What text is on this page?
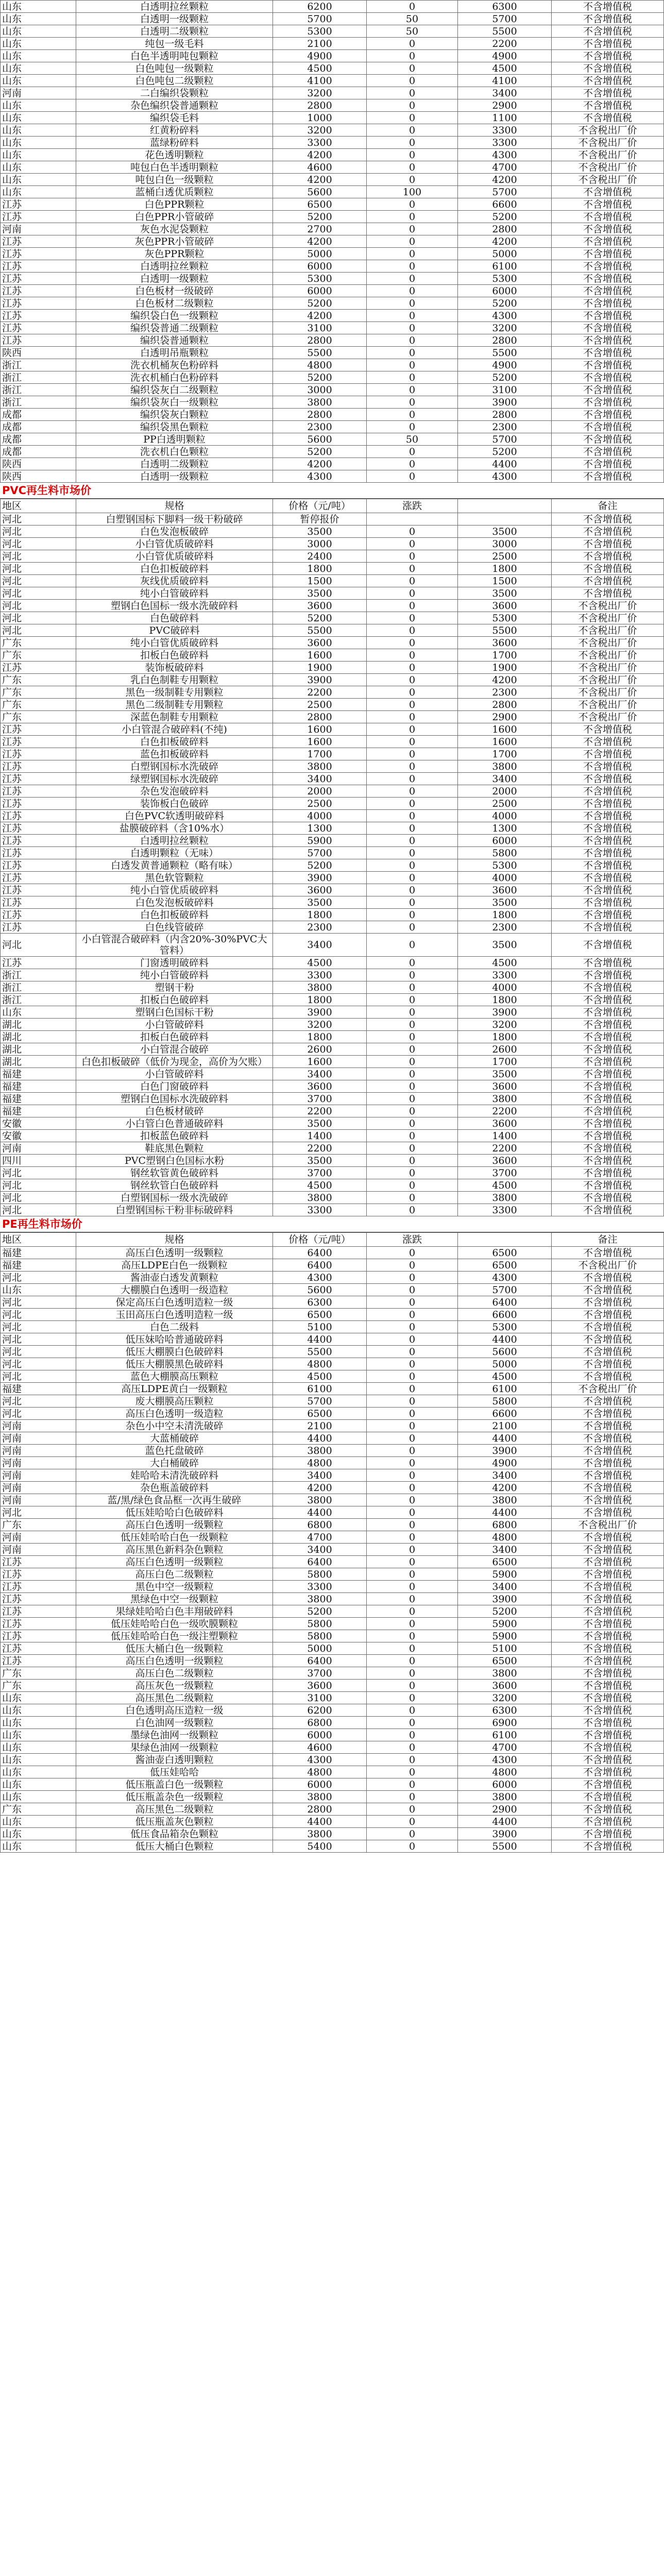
山东	白透明拉丝颗粒	6200	0	6300	不含增值税
山东	白透明一级颗粒	5700	50	5700	不含增值税
山东	白透明二级颗粒	5300	50	5500	不含增值税
山东	纯包一级毛料	2100	0	2200	不含增值税
山东	白色半透明吨包颗粒	4900	0	4900	不含增值税
山东	白色吨包一级颗粒	4500	0	4500	不含增值税
山东	白色吨包二级颗粒	4100	0	4100	不含增值税
河南	二白编织袋颗粒	3200	0	3400	不含增值税
山东	杂色编织袋普通颗粒	2800	0	2900	不含增值税
山东	编织袋毛料	1000	0	1100	不含增值税
山东	红黄粉碎料	3200	0	3300	不含税出厂价
山东	蓝绿粉碎料	3300	0	3300	不含税出厂价
山东	花色透明颗粒	4200	0	4300	不含税出厂价
山东	吨包白色半透明颗粒	4600	0	4700	不含税出厂价
山东	吨包白色一级颗粒	4200	0	4200	不含税出厂价
山东	蓝桶白透优质颗粒	5600	100	5700	不含增值税
江苏	白色PPR颗粒	6500	0	6600	不含增值税
江苏	白色PPR小管破碎	5200	0	5200	不含增值税
河南	灰色水泥袋颗粒	2700	0	2800	不含增值税
江苏	灰色PPR小管破碎	4200	0	4200	不含增值税
江苏	灰色PPR颗粒	5000	0	5000	不含增值税
江苏	白透明拉丝颗粒	6000	0	6100	不含增值税
江苏	白透明一级颗粒	5300	0	5300	不含增值税
江苏	白色板材一级破碎	6000	0	6000	不含增值税
江苏	白色板材二级颗粒	5200	0	5200	不含增值税
江苏	编织袋白色一级颗粒	4200	0	4300	不含增值税
江苏	编织袋普通二级颗粒	3100	0	3200	不含增值税
江苏	编织袋普通颗粒	2800	0	2800	不含增值税
陕西	白透明吊瓶颗粒	5500	0	5500	不含增值税
浙江	洗衣机桶灰色粉碎料	4800	0	4900	不含增值税
浙江	洗衣机桶白色粉碎料	5200	0	5200	不含增值税
浙江	编织袋灰白二级颗粒	3000	0	3100	不含增值税
浙江	编织袋灰白一级颗粒	3800	0	3900	不含增值税
成都	编织袋灰白颗粒	2800	0	2800	不含增值税
成都	编织袋黑色颗粒	2300	0	2300	不含增值税
成都	PP白透明颗粒	5600	50	5700	不含增值税
成都	洗衣机白色颗粒	5200	0	5200	不含增值税
陕西	白透明二级颗粒	4200	0	4400	不含增值税
陕西	白透明一级颗粒	4300	0	4300	不含增值税
PVC再生料市场价
地区	规格	价格（元/吨）	涨跌		备注
河北	白塑钢国标下脚料一级干粉破碎	暂停报价			不含增值税
河北	白色发泡板破碎	3500	0	3500	不含增值税
河北	小白管优质破碎料	3000	0	3000	不含增值税
河北	小白管优质破碎料	2400	0	2500	不含增值税
河北	白色扣板破碎料	1800	0	1800	不含增值税
河北	灰线优质破碎料	1500	0	1500	不含增值税
河北	纯小白管破碎料	3500	0	3500	不含增值税
河北	塑钢白色国标一级水洗破碎料	3600	0	3600	不含税出厂价
河北	白色破碎料	5200	0	5300	不含税出厂价
河北	PVC破碎料	5500	0	5500	不含税出厂价
广东	纯小白管优质破碎料	3600	0	3600	不含税出厂价
广东	扣板白色破碎料	1600	0	1700	不含税出厂价
江苏	装饰板破碎料	1900	0	1900	不含税出厂价
广东	乳白色制鞋专用颗粒	3900	0	4200	不含税出厂价
广东	黑色一级制鞋专用颗粒	2200	0	2300	不含税出厂价
广东	黑色二级制鞋专用颗粒	2500	0	2800	不含税出厂价
广东	深蓝色制鞋专用颗粒	2800	0	2900	不含税出厂价
江苏	小白管混合破碎料(不纯)	1600	0	1600	不含增值税
江苏	白色扣板破碎料	1600	0	1600	不含增值税
江苏	蓝色扣板破碎料	1700	0	1700	不含增值税
江苏	白塑钢国标水洗破碎	3800	0	3800	不含增值税
江苏	绿塑钢国标水洗破碎	3400	0	3400	不含增值税
江苏	杂色发泡破碎料	2000	0	2000	不含增值税
江苏	装饰板白色破碎	2500	0	2500	不含增值税
江苏	白色PVC软透明破碎料	4000	0	4000	不含增值税
江苏	盐膜破碎料（含10%水）	1300	0	1300	不含增值税
江苏	白透明拉丝颗粒	5900	0	6000	不含增值税
江苏	白透明颗粒（无味）	5700	0	5800	不含增值税
江苏	白透发黄普通颗粒（略有味）	5200	0	5300	不含增值税
江苏	黑色软管颗粒	3900	0	4000	不含增值税
江苏	纯小白管优质破碎料	3600	0	3600	不含增值税
江苏	白色发泡板破碎料	3500	0	3500	不含增值税
江苏	白色扣板破碎料	1800	0	1800	不含增值税
江苏	白色线管破碎	2300	0	2300	不含增值税
河北	小白管混合破碎料（内含20%-30%PVC大管料）	3400	0	3500	不含增值税
江苏	门窗透明破碎料	4500	0	4500	不含增值税
浙江	纯小白管破碎料	3300	0	3300	不含增值税
浙江	塑钢干粉	3800	0	4000	不含增值税
浙江	扣板白色破碎料	1800	0	1800	不含增值税
山东	塑钢白色国标干粉	3900	0	3900	不含增值税
湖北	小白管破碎料	3200	0	3200	不含增值税
湖北	扣板白色破碎料	1800	0	1800	不含增值税
湖北	小白管混合破碎	2600	0	2600	不含增值税
湖北	白色扣板破碎（低价为现金，高价为欠账）	1600	0	1700	不含增值税
福建	小白管破碎料	3400	0	3500	不含增值税
福建	白色门窗破碎料	3600	0	3600	不含增值税
福建	塑钢白色国标水洗破碎料	3700	0	3800	不含增值税
福建	白色板材破碎	2200	0	2200	不含增值税
安徽	小白管白色普通破碎料	3500	0	3600	不含增值税
安徽	扣板蓝色破碎料	1400	0	1400	不含增值税
河南	鞋底黑色颗粒	2200	0	2200	不含增值税
四川	PVC塑钢白色国标水粉	3500	0	3600	不含增值税
河北	钢丝软管黄色破碎料	3700	0	3700	不含增值税
河北	钢丝软管白色破碎料	4500	0	4500	不含增值税
河北	白塑钢国标一级水洗破碎	3800	0	3800	不含增值税
河北	白塑钢国标干粉非标破碎料	3300	0	3300	不含增值税
PE再生料市场价
地区	规格	价格（元/吨）	涨跌		备注
福建	高压白色透明一级颗粒	6400	0	6500	不含增值税
福建	高压LDPE白色一级颗粒	6400	0	6500	不含税出厂价
河北	酱油壶白透发黄颗粒	4300	0	4300	不含增值税
山东	大棚膜白色透明一级造粒	5600	0	5700	不含增值税
河北	保定高压白色透明造粒一级	6300	0	6400	不含增值税
河北	玉田高压白色透明造粒一级	6500	0	6600	不含增值税
河北	白色二级料	5100	0	5300	不含增值税
河北	低压妹哈哈普通破碎料	4400	0	4400	不含增值税
河北	低压大棚膜白色破碎料	5500	0	5600	不含增值税
河北	低压大棚膜黑色破碎料	4800	0	5000	不含增值税
河北	蓝色大棚膜高压颗粒	4500	0	4500	不含增值税
福建	高压LDPE黄白一级颗粒	6100	0	6100	不含税出厂价
河北	废大棚膜高压颗粒	5700	0	5800	不含增值税
河北	高压白色透明一级造粒	6500	0	6600	不含增值税
河南	杂色小中空未清洗破碎	2100	0	2100	不含增值税
河南	大蓝桶破碎	4400	0	4400	不含增值税
河南	蓝色托盘破碎	3800	0	3900	不含增值税
河南	大白桶破碎	4800	0	4900	不含增值税
河南	娃哈哈未清洗破碎料	3400	0	3400	不含增值税
河南	杂色瓶盖破碎料	4200	0	4200	不含增值税
河南	蓝/黑/绿色食品框一次再生破碎	3800	0	3800	不含增值税
河北	低压娃哈哈白色破碎料	4400	0	4400	不含增值税
广东	高压白色透明一级颗粒	6800	0	6800	不含税出厂价
河南	低压娃哈哈白色一级颗粒	4700	0	4800	不含增值税
河南	高压黑色新料杂色颗粒	3400	0	3400	不含增值税
江苏	高压白色透明一级颗粒	6400	0	6500	不含增值税
江苏	高压白色二级颗粒	5800	0	5900	不含增值税
江苏	黑色中空一级颗粒	3300	0	3400	不含增值税
江苏	黑绿色中空一级颗粒	3800	0	3900	不含增值税
江苏	果绿娃哈哈白色丰翔破碎料	5200	0	5200	不含增值税
江苏	低压娃哈哈白色一级吹膜颗粒	5800	0	5900	不含增值税
江苏	低压娃哈哈白色一级注塑颗粒	5800	0	5900	不含增值税
江苏	低压大桶白色一级颗粒	5000	0	5100	不含增值税
江苏	高压白色透明一级颗粒	6400	0	6500	不含增值税
广东	高压白色二级颗粒	3700	0	3800	不含增值税
广东	高压灰色一级颗粒	3600	0	3600	不含增值税
山东	高压黑色二级颗粒	3100	0	3200	不含增值税
山东	白色透明高压造粒一级	6200	0	6300	不含增值税
山东	白色油网一级颗粒	6800	0	6900	不含增值税
山东	墨绿色油网一级颗粒	6000	0	6100	不含增值税
山东	果绿色油网一级颗粒	4600	0	4700	不含增值税
山东	酱油壶白透明颗粒	4300	0	4300	不含增值税
山东	低压娃哈哈	4800	0	4800	不含增值税
山东	低压瓶盖白色一级颗粒	6000	0	6000	不含增值税
山东	低压瓶盖杂色一级颗粒	3800	0	3800	不含增值税
广东	高压黑色二级颗粒	2800	0	2900	不含增值税
山东	低压瓶盖灰色颗粒	4400	0	4400	不含增值税
山东	低压食品箱杂色颗粒	3800	0	3900	不含增值税
山东	低压大桶白色颗粒	5400	0	5500	不含增值税
